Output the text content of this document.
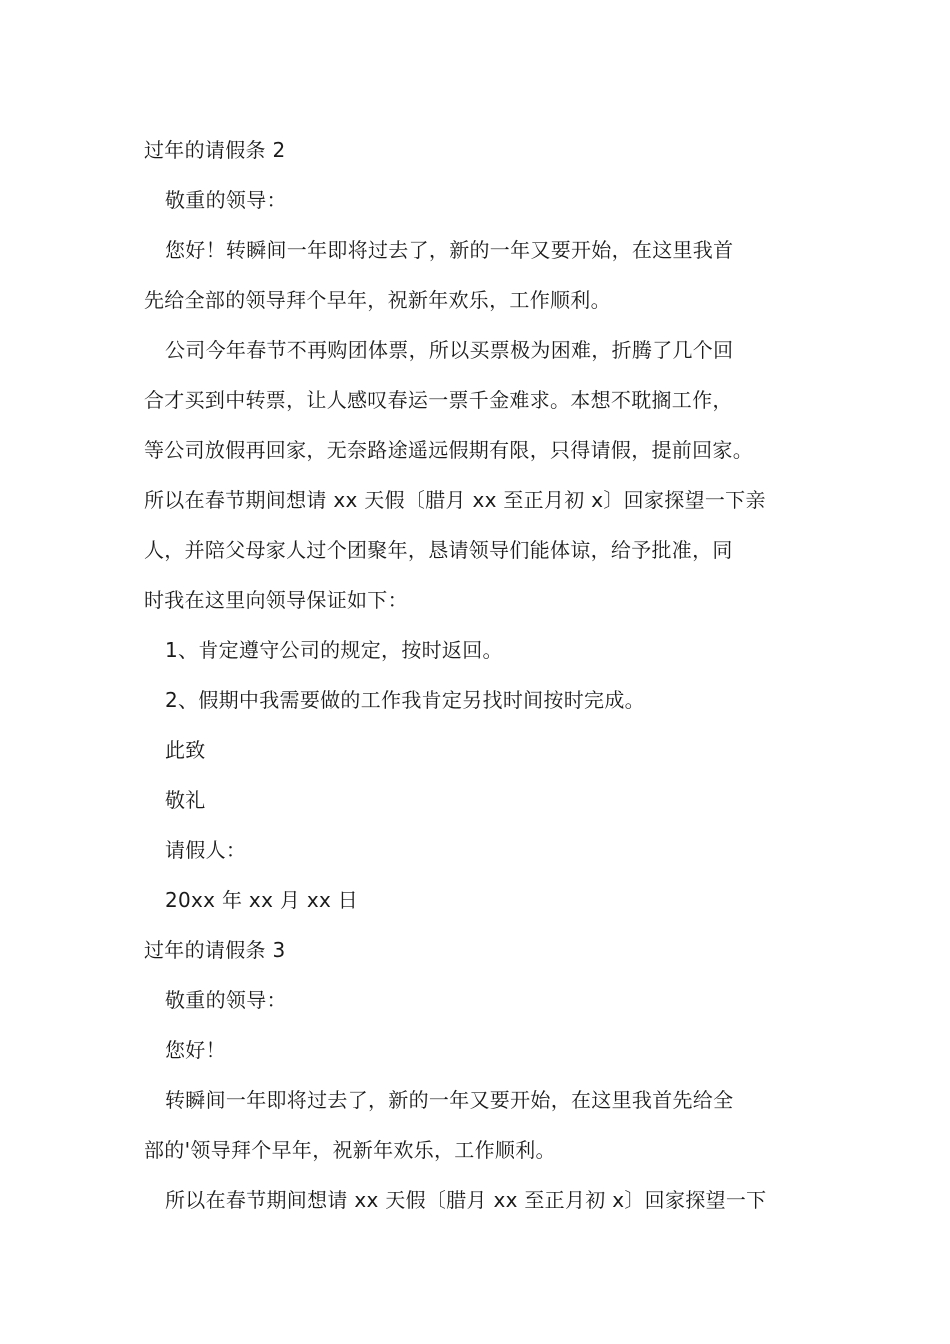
过年的请假条 2
敬重的领导：
您好！转瞬间一年即将过去了，新的一年又要开始，在这里我首
先给全部的领导拜个早年，祝新年欢乐，工作顺利。
公司今年春节不再购团体票，所以买票极为困难，折腾了几个回
合才买到中转票，让人感叹春运一票千金难求。本想不耽搁工作，
等公司放假再回家，无奈路途遥远假期有限，只得请假，提前回家。
所以在春节期间想请 xx 天假〔腊月 xx 至正月初 x〕回家探望一下亲
人，并陪父母家人过个团聚年，恳请领导们能体谅，给予批准，同
时我在这里向领导保证如下：
1、肯定遵守公司的规定，按时返回。
2、假期中我需要做的工作我肯定另找时间按时完成。
此致
敬礼
请假人：
20xx 年 xx 月 xx 日
过年的请假条 3
敬重的领导：
您好！
转瞬间一年即将过去了，新的一年又要开始，在这里我首先给全
部的'领导拜个早年，祝新年欢乐，工作顺利。
所以在春节期间想请 xx 天假〔腊月 xx 至正月初 x〕回家探望一下
